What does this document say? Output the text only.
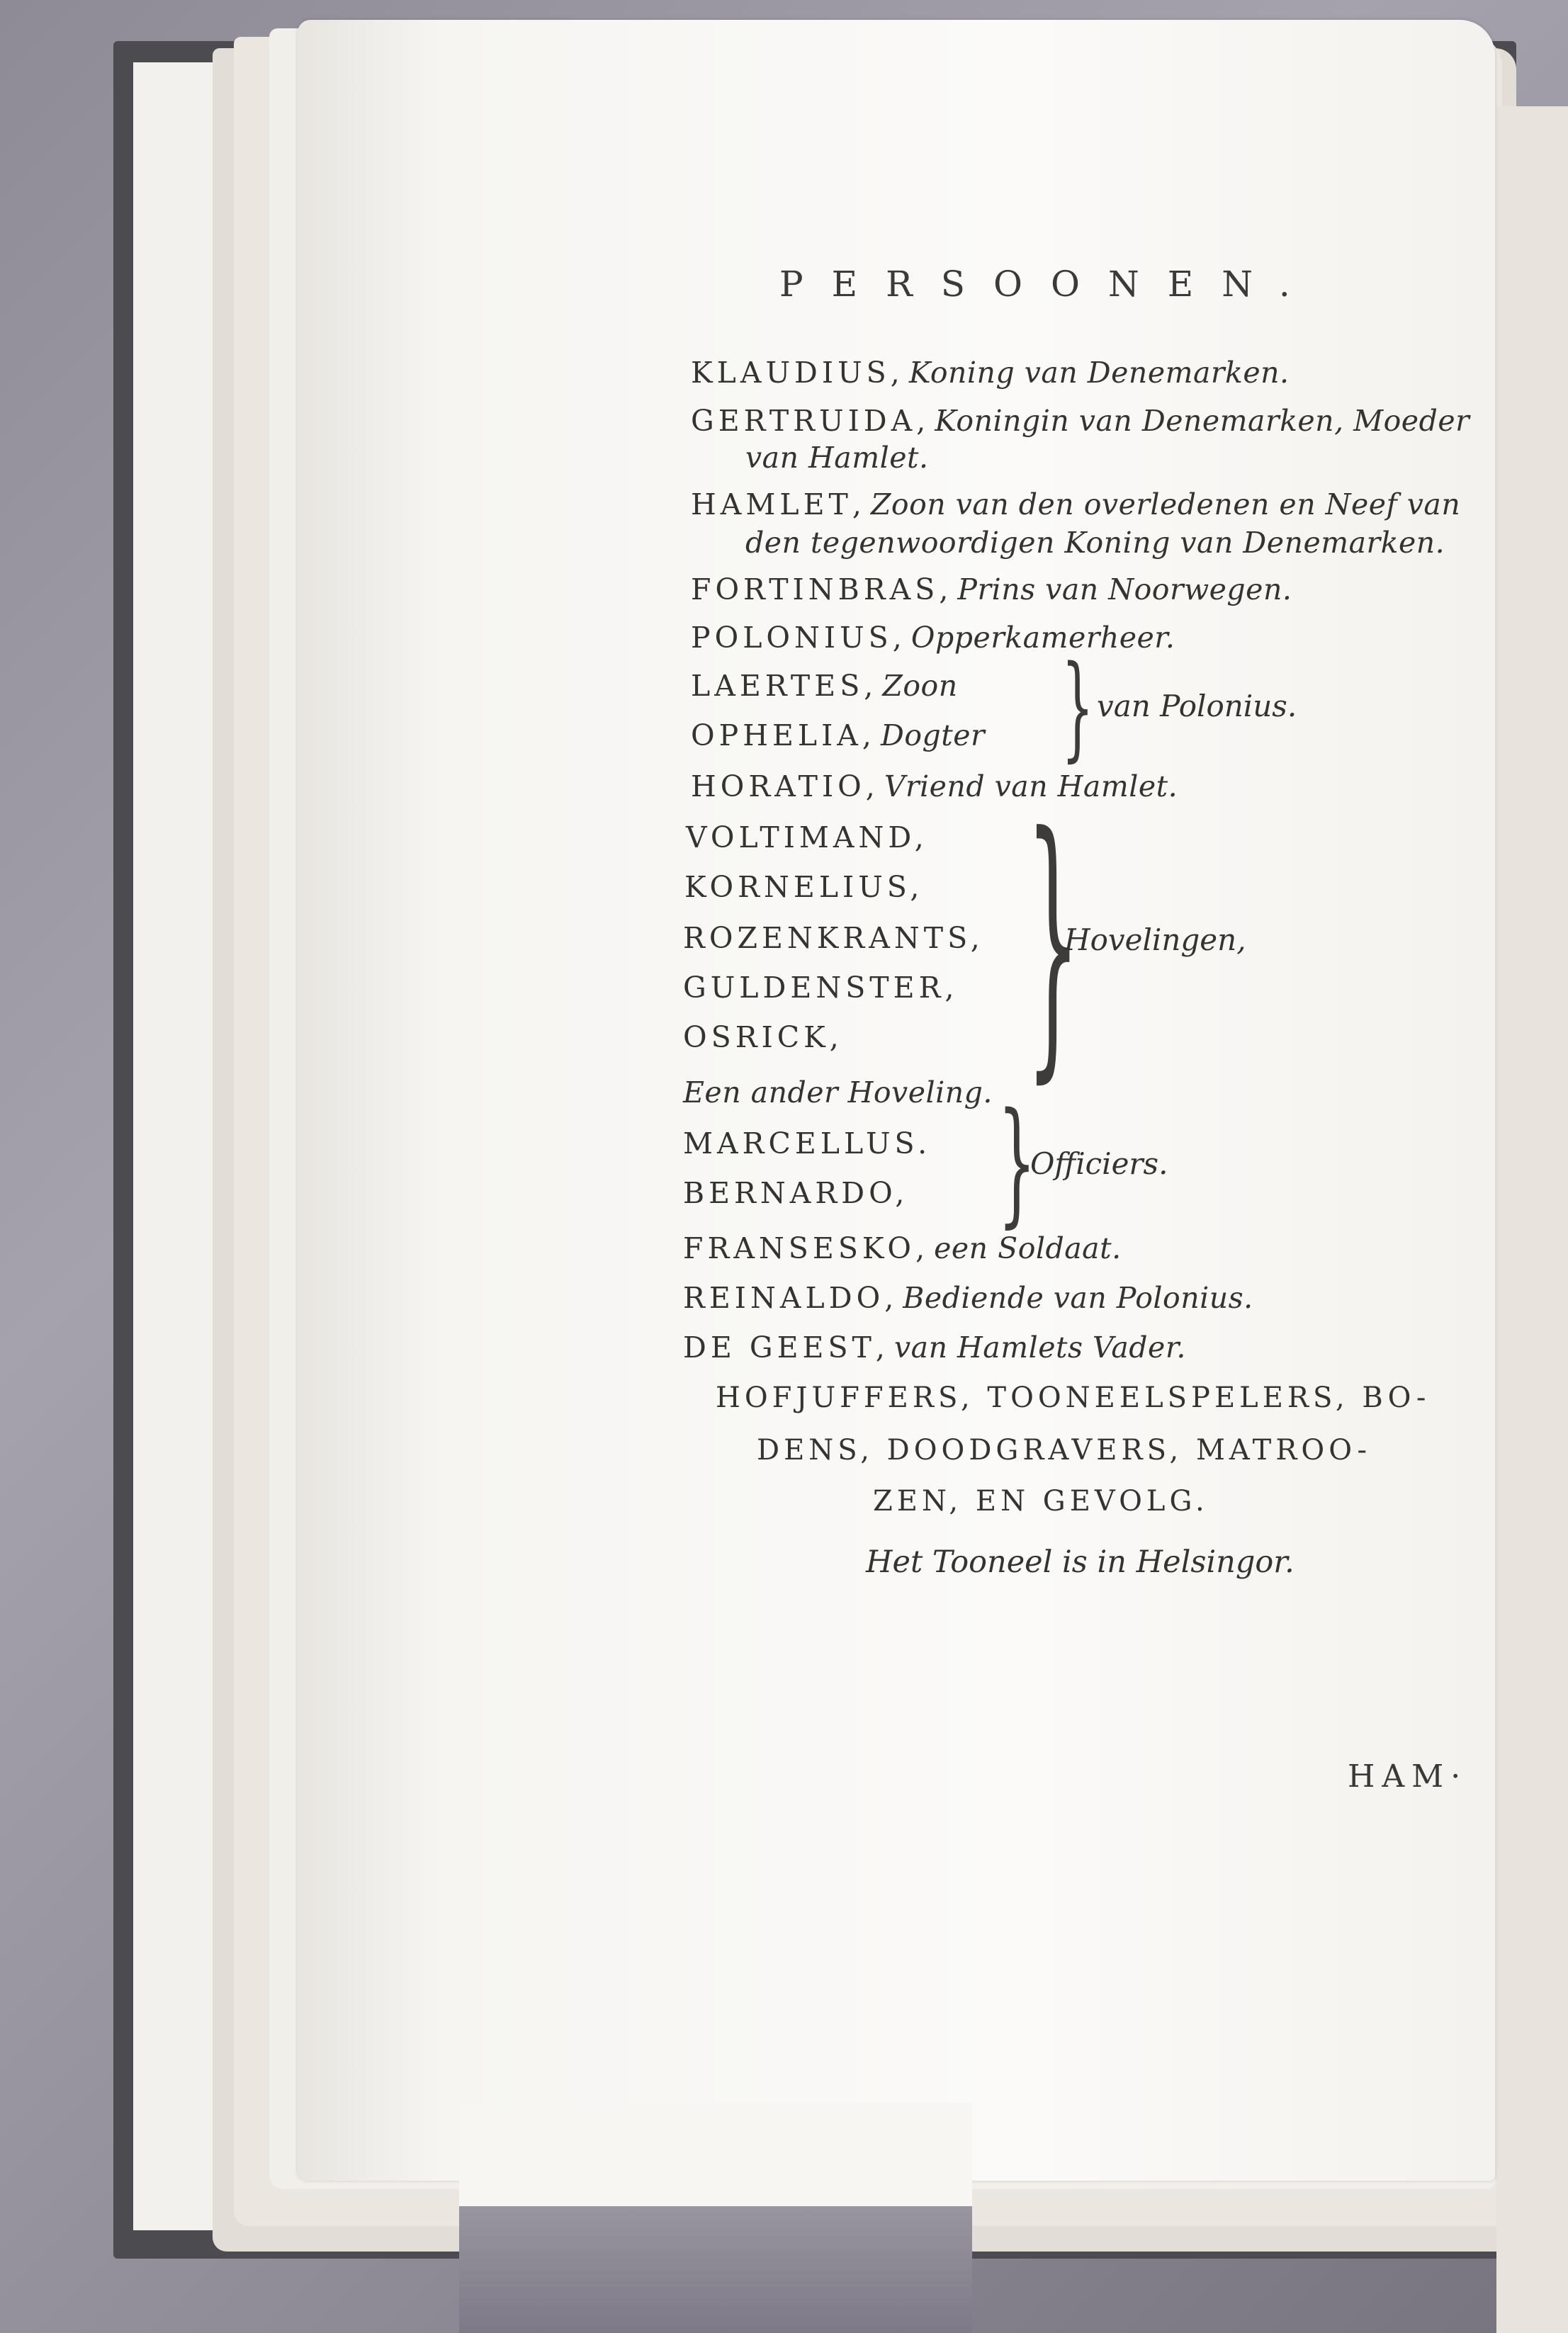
PERSOONEN.
KLAUDIUS, Koning van Denemarken.
GERTRUIDA, Koningin van Denemarken, Moeder
van Hamlet.
HAMLET, Zoon van den overledenen en Neef van
den tegenwoordigen Koning van Denemarken.
FORTINBRAS, Prins van Noorwegen.
POLONIUS, Opperkamerheer.
LAERTES, Zoon
OPHELIA, Dogter } van Polonius.
HORATIO, Vriend van Hamlet.
VOLTIMAND,
KORNELIUS,
ROZENKRANTS,
GULDENSTER,
OSRICK, }
Hovelingen,
Een ander Hoveling.
MARCELLUS.
BERNARDO, }
Officiers.
FRANSESKO, een Soldaat.
REINALDO, Bediende van Polonius.
DE GEEST, van Hamlets Vader.
HOFJUFFERS, TOONEELSPELERS, BO-
DENS, DOODGRAVERS, MATROO-
ZEN, EN GEVOLG.
Het Tooneel is in Helsingor.
HAM·
